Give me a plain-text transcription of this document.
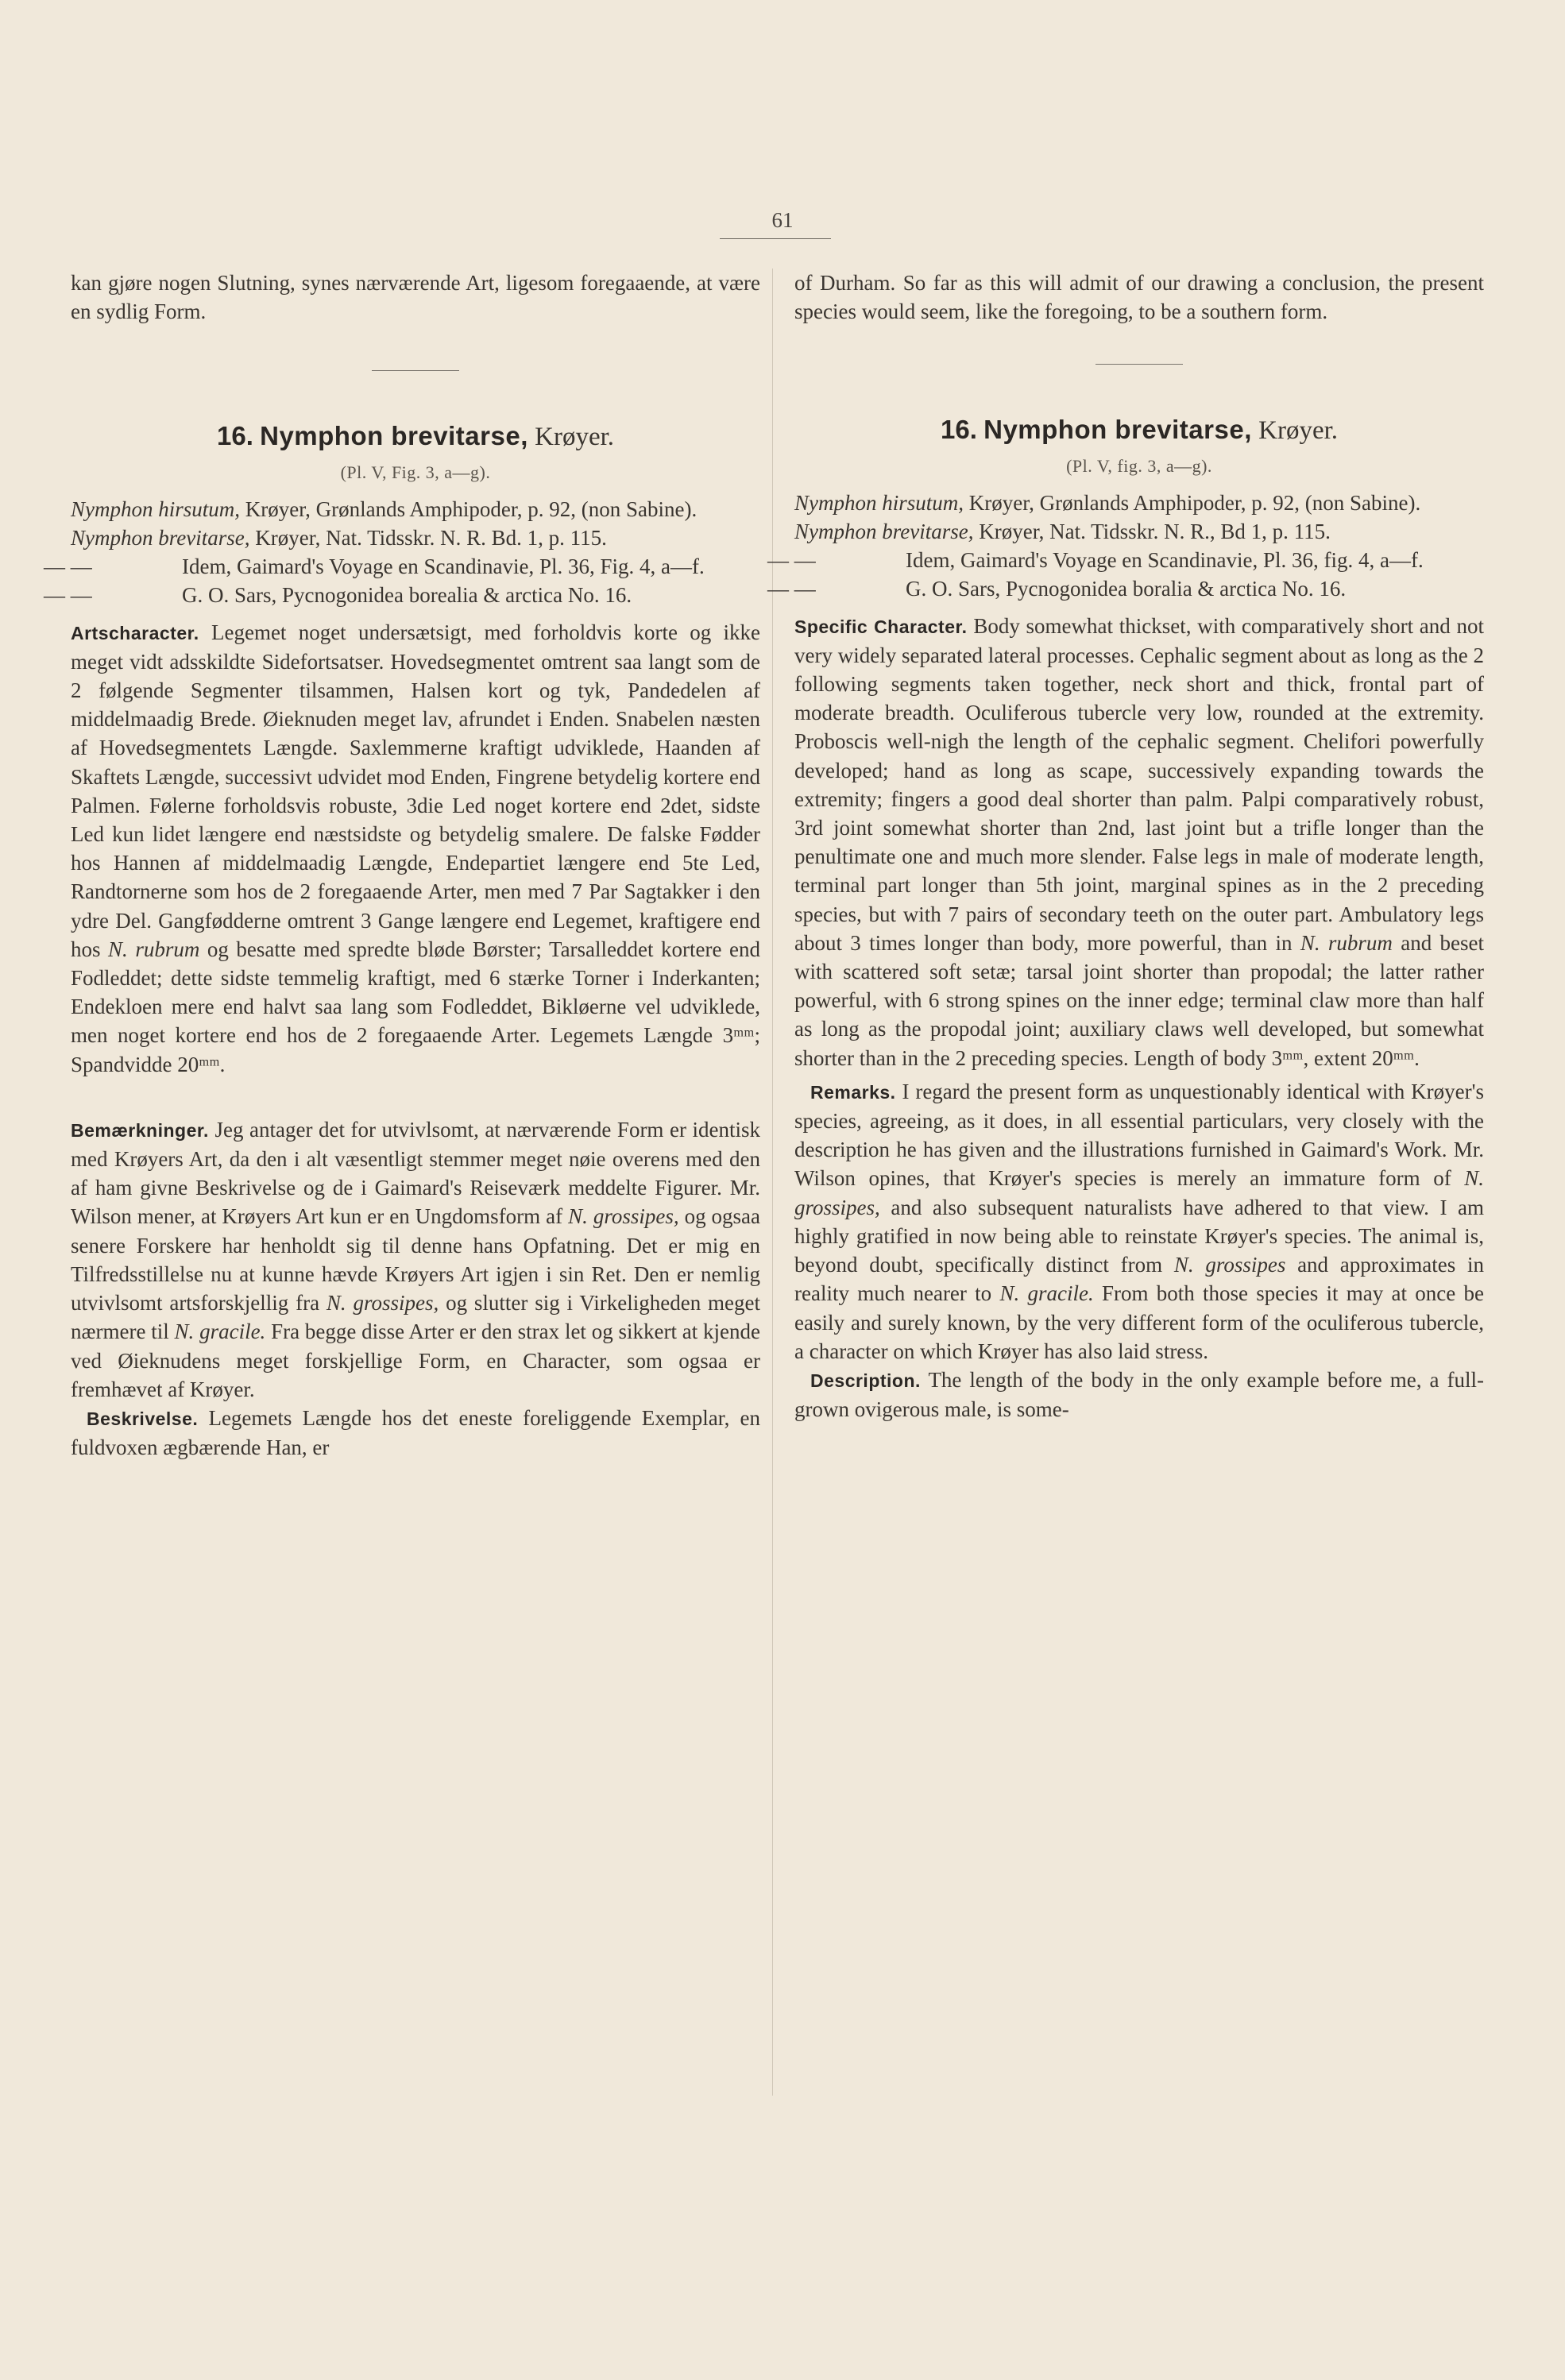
61

kan gjøre nogen Slutning, synes nærværende Art, ligesom foregaaende, at være en sydlig Form.

16. Nymphon brevitarse, Krøyer.
(Pl. V, Fig. 3, a—g).

Nymphon hirsutum, Krøyer, Grønlands Amphipoder, p. 92, (non Sabine).

Nymphon brevitarse, Krøyer, Nat. Tidsskr. N. R. Bd. 1, p. 115.

— —	Idem, Gaimard's Voyage en Scandinavie, Pl. 36, Fig. 4, a—f.

— —	G. O. Sars, Pycnogonidea borealia & arctica No. 16.

Artscharacter. Legemet noget undersætsigt, med forholdvis korte og ikke meget vidt adsskildte Sidefortsatser. Hovedsegmentet omtrent saa langt som de 2 følgende Segmenter tilsammen, Halsen kort og tyk, Pandedelen af middelmaadig Brede. Øieknuden meget lav, afrundet i Enden. Snabelen næsten af Hovedsegmentets Længde. Saxlemmerne kraftigt udviklede, Haanden af Skaftets Længde, successivt udvidet mod Enden, Fingrene betydelig kortere end Palmen. Følerne forholdsvis robuste, 3die Led noget kortere end 2det, sidste Led kun lidet længere end næstsidste og betydelig smalere. De falske Fødder hos Hannen af middelmaadig Længde, Endepartiet længere end 5te Led, Randtornerne som hos de 2 foregaaende Arter, men med 7 Par Sagtakker i den ydre Del. Gangfødderne omtrent 3 Gange længere end Legemet, kraftigere end hos N. rubrum og besatte med spredte bløde Børster; Tarsalleddet kortere end Fodleddet; dette sidste temmelig kraftigt, med 6 stærke Torner i Inderkanten; Endekloen mere end halvt saa lang som Fodleddet, Bikløerne vel udviklede, men noget kortere end hos de 2 foregaaende Arter. Legemets Længde 3ᵐᵐ; Spandvidde 20ᵐᵐ.

Bemærkninger. Jeg antager det for utvivlsomt, at nærværende Form er identisk med Krøyers Art, da den i alt væsentligt stemmer meget nøie overens med den af ham givne Beskrivelse og de i Gaimard's Reiseværk meddelte Figurer. Mr. Wilson mener, at Krøyers Art kun er en Ungdomsform af N. grossipes, og ogsaa senere Forskere har henholdt sig til denne hans Opfatning. Det er mig en Tilfredsstillelse nu at kunne hævde Krøyers Art igjen i sin Ret. Den er nemlig utvivlsomt artsforskjellig fra N. grossipes, og slutter sig i Virkeligheden meget nærmere til N. gracile. Fra begge disse Arter er den strax let og sikkert at kjende ved Øieknudens meget forskjellige Form, en Character, som ogsaa er fremhævet af Krøyer.

Beskrivelse. Legemets Længde hos det eneste foreliggende Exemplar, en fuldvoxen ægbærende Han, er

of Durham. So far as this will admit of our drawing a conclusion, the present species would seem, like the foregoing, to be a southern form.

16. Nymphon brevitarse, Krøyer.
(Pl. V, fig. 3, a—g).

Nymphon hirsutum, Krøyer, Grønlands Amphipoder, p. 92, (non Sabine).

Nymphon brevitarse, Krøyer, Nat. Tidsskr. N. R., Bd 1, p. 115.

— —	Idem, Gaimard's Voyage en Scandinavie, Pl. 36, fig. 4, a—f.

— —	G. O. Sars, Pycnogonidea boralia & arctica No. 16.

Specific Character. Body somewhat thickset, with comparatively short and not very widely separated lateral processes. Cephalic segment about as long as the 2 following segments taken together, neck short and thick, frontal part of moderate breadth. Oculiferous tubercle very low, rounded at the extremity. Proboscis well-nigh the length of the cephalic segment. Chelifori powerfully developed; hand as long as scape, successively expanding towards the extremity; fingers a good deal shorter than palm. Palpi comparatively robust, 3rd joint somewhat shorter than 2nd, last joint but a trifle longer than the penultimate one and much more slender. False legs in male of moderate length, terminal part longer than 5th joint, marginal spines as in the 2 preceding species, but with 7 pairs of secondary teeth on the outer part. Ambulatory legs about 3 times longer than body, more powerful, than in N. rubrum and beset with scattered soft setæ; tarsal joint shorter than propodal; the latter rather powerful, with 6 strong spines on the inner edge; terminal claw more than half as long as the propodal joint; auxiliary claws well developed, but somewhat shorter than in the 2 preceding species. Length of body 3ᵐᵐ, extent 20ᵐᵐ.

Remarks. I regard the present form as unquestionably identical with Krøyer's species, agreeing, as it does, in all essential particulars, very closely with the description he has given and the illustrations furnished in Gaimard's Work. Mr. Wilson opines, that Krøyer's species is merely an immature form of N. grossipes, and also subsequent naturalists have adhered to that view. I am highly gratified in now being able to reinstate Krøyer's species. The animal is, beyond doubt, specifically distinct from N. grossipes and approximates in reality much nearer to N. gracile. From both those species it may at once be easily and surely known, by the very different form of the oculiferous tubercle, a character on which Krøyer has also laid stress.

Description. The length of the body in the only example before me, a full-grown ovigerous male, is some-
